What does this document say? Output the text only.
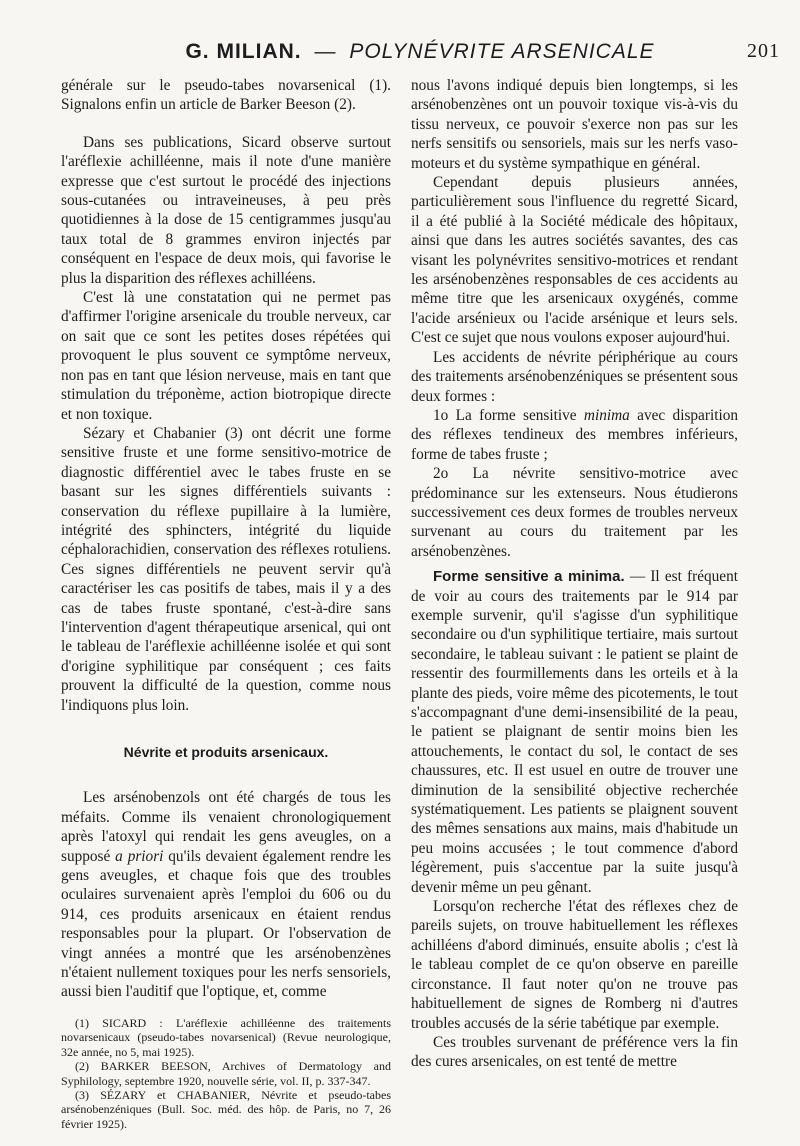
G. MILIAN. — POLYNÉVRITE ARSENICALE	201

générale sur le pseudo-tabes novarsenical (1). Signalons enfin un article de Barker Beeson (2).

Dans ses publications, Sicard observe surtout l'aréflexie achilléenne, mais il note d'une manière expresse que c'est surtout le procédé des injections sous-cutanées ou intraveineuses, à peu près quotidiennes à la dose de 15 centigrammes jusqu'au taux total de 8 grammes environ injectés par conséquent en l'espace de deux mois, qui favorise le plus la disparition des réflexes achilléens.

C'est là une constatation qui ne permet pas d'affirmer l'origine arsenicale du trouble nerveux, car on sait que ce sont les petites doses répétées qui provoquent le plus souvent ce symptôme nerveux, non pas en tant que lésion nerveuse, mais en tant que stimulation du tréponème, action biotropique directe et non toxique.

Sézary et Chabanier (3) ont décrit une forme sensitive fruste et une forme sensitivo-motrice de diagnostic différentiel avec le tabes fruste en se basant sur les signes différentiels suivants : conservation du réflexe pupillaire à la lumière, intégrité des sphincters, intégrité du liquide céphalorachidien, conservation des réflexes rotuliens. Ces signes différentiels ne peuvent servir qu'à caractériser les cas positifs de tabes, mais il y a des cas de tabes fruste spontané, c'est-à-dire sans l'intervention d'agent thérapeutique arsenical, qui ont le tableau de l'aréflexie achilléenne isolée et qui sont d'origine syphilitique par conséquent ; ces faits prouvent la difficulté de la question, comme nous l'indiquons plus loin.

Névrite et produits arsenicaux.

Les arsénobenzols ont été chargés de tous les méfaits. Comme ils venaient chronologiquement après l'atoxyl qui rendait les gens aveugles, on a supposé a priori qu'ils devaient également rendre les gens aveugles, et chaque fois que des troubles oculaires survenaient après l'emploi du 606 ou du 914, ces produits arsenicaux en étaient rendus responsables pour la plupart. Or l'observation de vingt années a montré que les arsénobenzènes n'étaient nullement toxiques pour les nerfs sensoriels, aussi bien l'auditif que l'optique, et, comme

(1) SICARD : L'aréflexie achilléenne des traitements novarsenicaux (pseudo-tabes novarsenical) (Revue neurologique, 32e année, no 5, mai 1925).

(2) BARKER BEESON, Archives of Dermatology and Syphilology, septembre 1920, nouvelle série, vol. II, p. 337-347.

(3) SÉZARY et CHABANIER, Névrite et pseudo-tabes arsénobenzéniques (Bull. Soc. méd. des hôp. de Paris, no 7, 26 février 1925).

nous l'avons indiqué depuis bien longtemps, si les arsénobenzènes ont un pouvoir toxique vis-à-vis du tissu nerveux, ce pouvoir s'exerce non pas sur les nerfs sensitifs ou sensoriels, mais sur les nerfs vaso-moteurs et du système sympathique en général.

Cependant depuis plusieurs années, particulièrement sous l'influence du regretté Sicard, il a été publié à la Société médicale des hôpitaux, ainsi que dans les autres sociétés savantes, des cas visant les polynévrites sensitivo-motrices et rendant les arsénobenzènes responsables de ces accidents au même titre que les arsenicaux oxygénés, comme l'acide arsénieux ou l'acide arsénique et leurs sels. C'est ce sujet que nous voulons exposer aujourd'hui.

Les accidents de névrite périphérique au cours des traitements arsénobenzéniques se présentent sous deux formes :

1o La forme sensitive minima avec disparition des réflexes tendineux des membres inférieurs, forme de tabes fruste ;

2o La névrite sensitivo-motrice avec prédominance sur les extenseurs. Nous étudierons successivement ces deux formes de troubles nerveux survenant au cours du traitement par les arsénobenzènes.

Forme sensitive a minima. — Il est fréquent de voir au cours des traitements par le 914 par exemple survenir, qu'il s'agisse d'un syphilitique secondaire ou d'un syphilitique tertiaire, mais surtout secondaire, le tableau suivant : le patient se plaint de ressentir des fourmillements dans les orteils et à la plante des pieds, voire même des picotements, le tout s'accompagnant d'une demi-insensibilité de la peau, le patient se plaignant de sentir moins bien les attouchements, le contact du sol, le contact de ses chaussures, etc. Il est usuel en outre de trouver une diminution de la sensibilité objective recherchée systématiquement. Les patients se plaignent souvent des mêmes sensations aux mains, mais d'habitude un peu moins accusées ; le tout commence d'abord légèrement, puis s'accentue par la suite jusqu'à devenir même un peu gênant.

Lorsqu'on recherche l'état des réflexes chez de pareils sujets, on trouve habituellement les réflexes achilléens d'abord diminués, ensuite abolis ; c'est là le tableau complet de ce qu'on observe en pareille circonstance. Il faut noter qu'on ne trouve pas habituellement de signes de Romberg ni d'autres troubles accusés de la série tabétique par exemple.

Ces troubles survenant de préférence vers la fin des cures arsenicales, on est tenté de mettre
